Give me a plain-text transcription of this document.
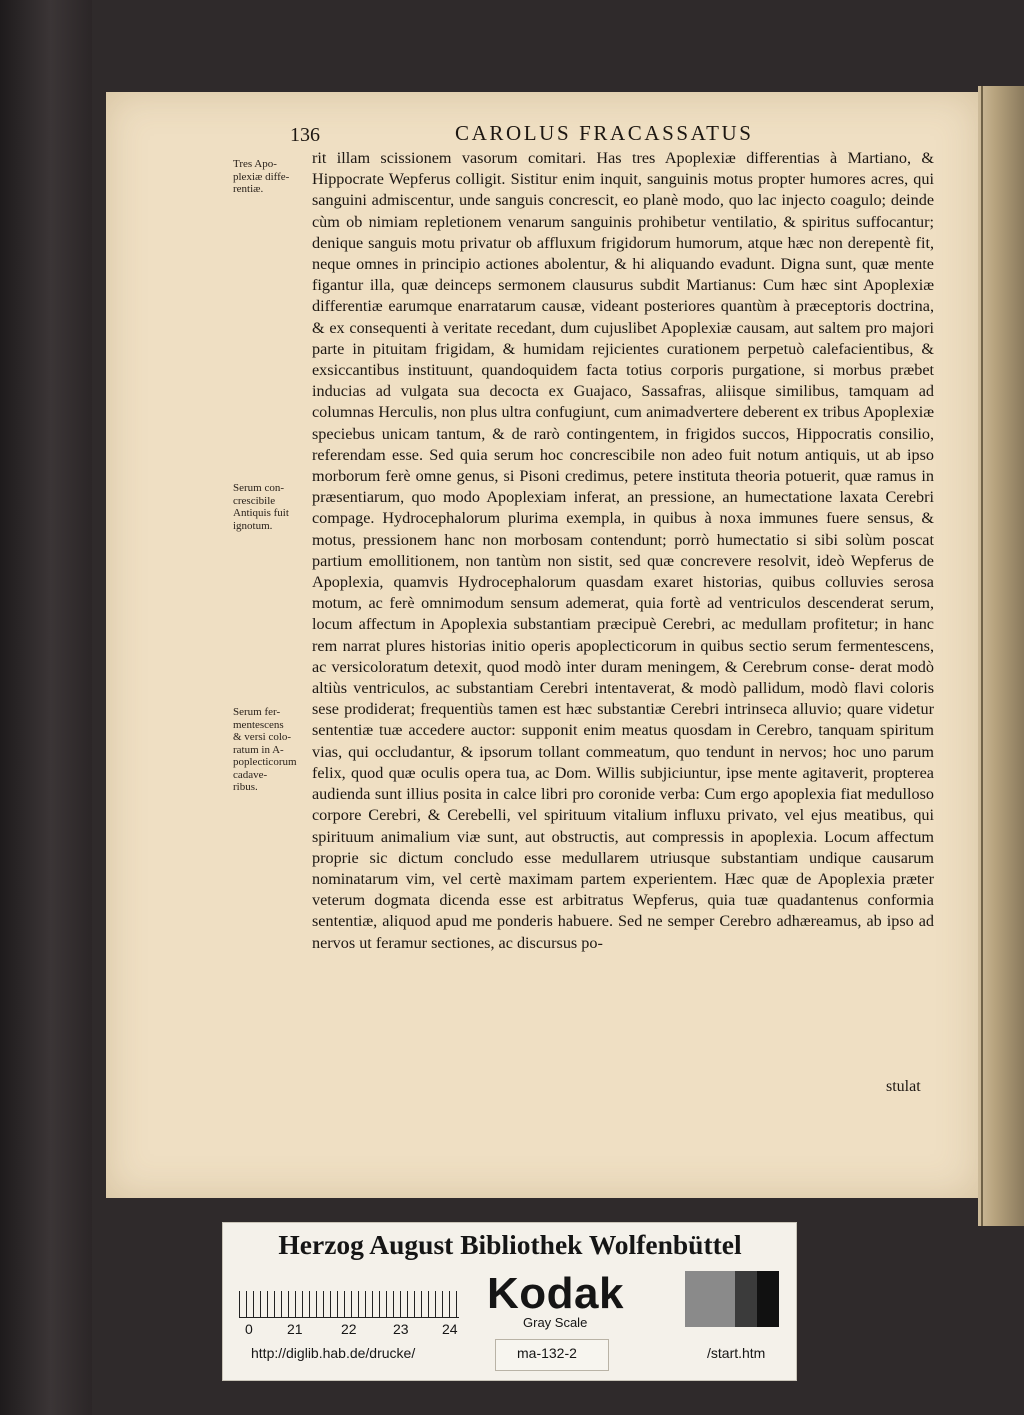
136	CAROLUS FRACASSATUS
Tres Apo- plexiæ diffe- rentiæ.
Serum con- crescibile Antiquis fuit ignotum.
Serum fer- mentescens & versi colo- ratum in A- poplecticorum cadave- ribus.

rit illam scissionem vasorum comitari. Has tres Apoplexiæ differentias à Martiano, & Hippocrate Wepferus colligit. Sistitur enim inquit, sanguinis motus propter humores acres, qui sanguini admiscentur, unde sanguis concrescit, eo planè modo, quo lac injecto coagulo; deinde cùm ob nimiam repletionem venarum sanguinis prohibetur ventilatio, & spiritus suffocantur; denique sanguis motu privatur ob affluxum frigidorum humorum, atque hæc non derepentè fit, neque omnes in principio actiones abolentur, & hi aliquando evadunt. Digna sunt, quæ mente figantur illa, quæ deinceps sermonem clausurus subdit Martianus: Cum hæc sint Apoplexiæ differentiæ earumque enarratarum causæ, videant posteriores quantùm à præceptoris doctrina, & ex consequenti à veritate recedant, dum cujuslibet Apoplexiæ causam, aut saltem pro majori parte in pituitam frigidam, & humidam rejicientes curationem perpetuò calefacientibus, & exsiccantibus instituunt, quandoquidem facta totius corporis purgatione, si morbus præbet inducias ad vulgata sua decocta ex Guajaco, Sassafras, aliisque similibus, tamquam ad columnas Herculis, non plus ultra confugiunt, cum animadvertere deberent ex tribus Apoplexiæ speciebus unicam tantum, & de rarò contingentem, in frigidos succos, Hippocratis consilio, referendam esse. Sed quia serum hoc concrescibile non adeo fuit notum antiquis, ut ab ipso morborum ferè omne genus, si Pisoni credimus, petere instituta theoria potuerit, quæ ramus in præsentiarum, quo modo Apoplexiam inferat, an pressione, an humectatione laxata Cerebri compage. Hydrocephalorum plurima exempla, in quibus à noxa immunes fuere sensus, & motus, pressionem hanc non morbosam contendunt; porrò humectatio si sibi solùm poscat partium emollitionem, non tantùm non sistit, sed quæ concrevere resolvit, ideò Wepferus de Apoplexia, quamvis Hydrocephalorum quasdam exaret historias, quibus colluvies serosa motum, ac ferè omnimodum sensum ademerat, quia fortè ad ventriculos descenderat serum, locum affectum in Apoplexia substantiam præcipuè Cerebri, ac medullam profitetur; in hanc rem narrat plures historias initio operis apoplecticorum in quibus sectio serum fermentescens, ac versicoloratum detexit, quod modò inter duram meningem, & Cerebrum conse- derat modò altiùs ventriculos, ac substantiam Cerebri intentaverat, & modò pallidum, modò flavi coloris sese prodiderat; frequentiùs tamen est hæc substantiæ Cerebri intrinseca alluvio; quare videtur sententiæ tuæ accedere auctor: supponit enim meatus quosdam in Cerebro, tanquam spiritum vias, qui occludantur, & ipsorum tollant commeatum, quo tendunt in nervos; hoc uno parum felix, quod quæ oculis opera tua, ac Dom. Willis subjiciuntur, ipse mente agitaverit, propterea audienda sunt illius posita in calce libri pro coronide verba: Cum ergo apoplexia fiat medulloso corpore Cerebri, & Cerebelli, vel spirituum vitalium influxu privato, vel ejus meatibus, qui spirituum animalium viæ sunt, aut obstructis, aut compressis in apoplexia. Locum affectum proprie sic dictum concludo esse medullarem utriusque substantiam undique causarum nominatarum vim, vel certè maximam partem experientem. Hæc quæ de Apoplexia præter veterum dogmata dicenda esse est arbitratus Wepferus, quia tuæ quadantenus conformia sententiæ, aliquod apud me ponderis habuere. Sed ne semper Cerebro adhæreamus, ab ipso ad nervos ut feramur sectiones, ac discursus po-

stulat
Herzog August Bibliothek Wolfenbüttel
0 21	22	23 24
Kodak
Gray Scale
http://diglib.hab.de/drucke/	ma-132-2	/start.htm
